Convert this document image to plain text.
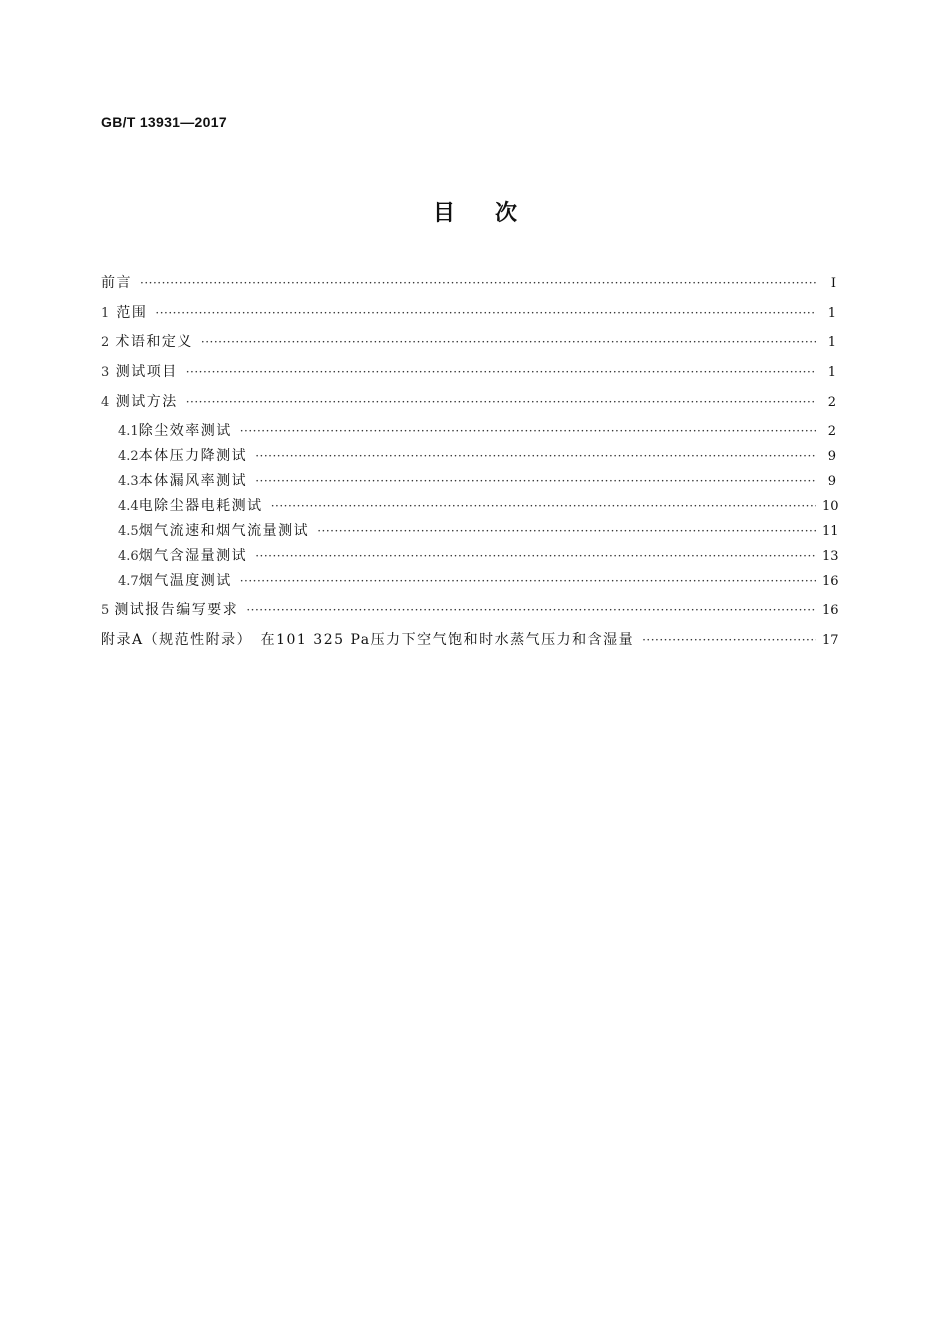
GB/T 13931—2017
目次
前言 ·····	Ⅰ
1 范围 ·····	1
2 术语和定义 ·····	1
3 测试项目 ·····	1
4 测试方法 ·····	2
4.1 除尘效率测试 ·····	2
4.2 本体压力降测试 ·····	9
4.3 本体漏风率测试 ·····	9
4.4 电除尘器电耗测试 ·····	10
4.5 烟气流速和烟气流量测试 ·····	11
4.6 烟气含湿量测试 ·····	13
4.7 烟气温度测试 ·····	16
5 测试报告编写要求 ·····	16
附录A（规范性附录）　在101 325 Pa压力下空气饱和时水蒸气压力和含湿量 ·····	17
